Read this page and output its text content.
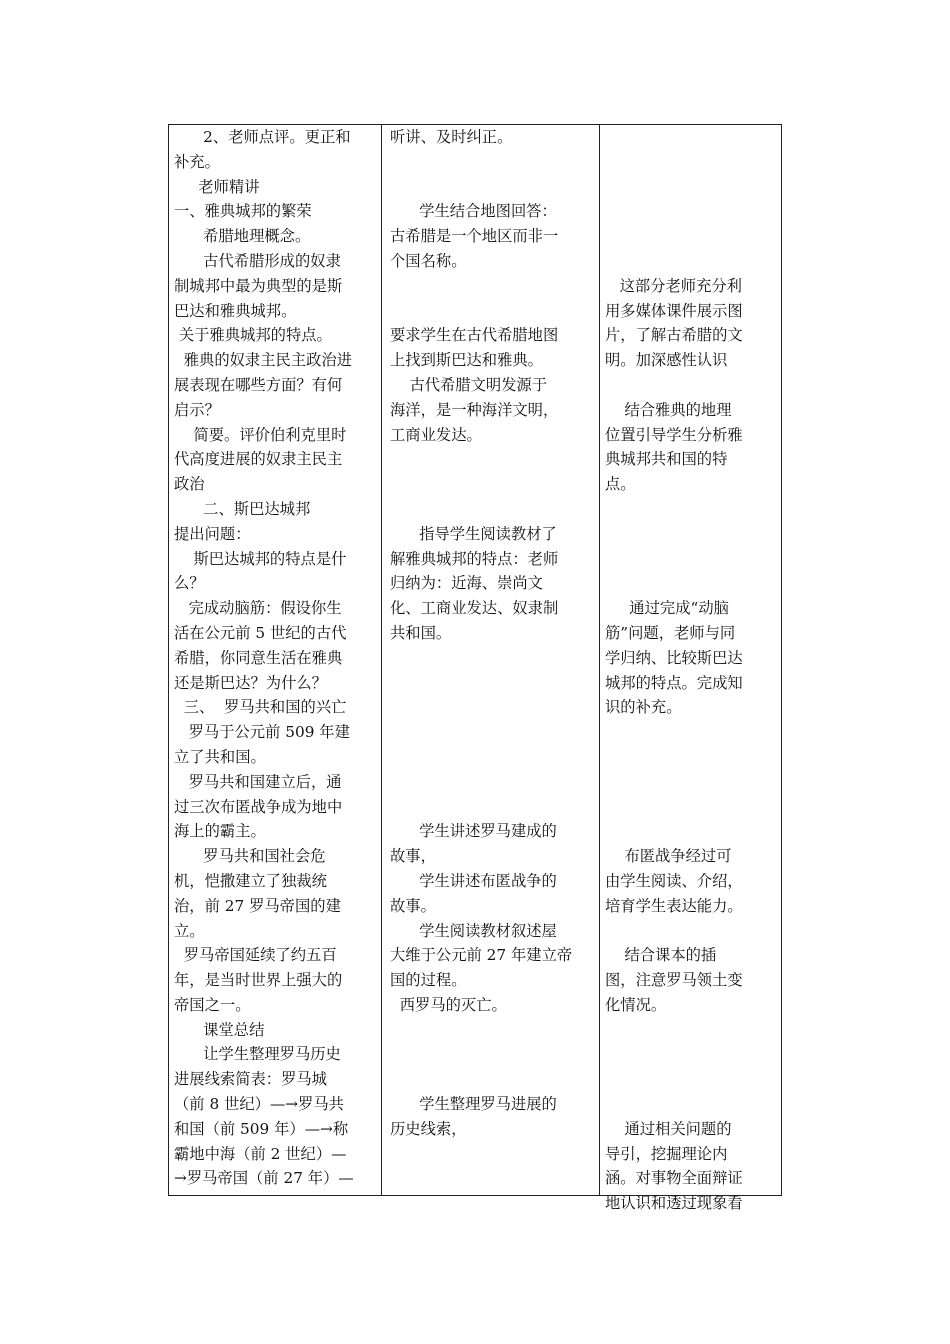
2、老师点评。更正和
补充。
老师精讲
一、雅典城邦的繁荣
希腊地理概念。
古代希腊形成的奴隶
制城邦中最为典型的是斯
巴达和雅典城邦。
关于雅典城邦的特点。
雅典的奴隶主民主政治进
展表现在哪些方面？有何
启示？
简要。评价伯利克里时
代高度进展的奴隶主民主
政治
二、斯巴达城邦
提出问题：
斯巴达城邦的特点是什
么？
完成动脑筋：假设你生
活在公元前 5 世纪的古代
希腊，你同意生活在雅典
还是斯巴达？为什么？
三、  罗马共和国的兴亡
罗马于公元前 509 年建
立了共和国。
罗马共和国建立后，通
过三次布匿战争成为地中
海上的霸主。
罗马共和国社会危
机，恺撒建立了独裁统
治，前 27 罗马帝国的建
立。
罗马帝国延续了约五百
年，是当时世界上强大的
帝国之一。
课堂总结
让学生整理罗马历史
进展线索简表：罗马城
（前 8 世纪）—→罗马共
和国（前 509 年）—→称
霸地中海（前 2 世纪）—
→罗马帝国（前 27 年）—
听讲、及时纠正。
学生结合地图回答：
古希腊是一个地区而非一
个国名称。
要求学生在古代希腊地图
上找到斯巴达和雅典。
古代希腊文明发源于
海洋，是一种海洋文明，
工商业发达。
指导学生阅读教材了
解雅典城邦的特点：老师
归纳为：近海、崇尚文
化、工商业发达、奴隶制
共和国。
学生讲述罗马建成的
故事，
学生讲述布匿战争的
故事。
学生阅读教材叙述屋
大维于公元前 27 年建立帝
国的过程。
西罗马的灭亡。
学生整理罗马进展的
历史线索，
这部分老师充分利
用多媒体课件展示图
片，了解古希腊的文
明。加深感性认识
结合雅典的地理
位置引导学生分析雅
典城邦共和国的特
点。
通过完成“动脑
筋”问题，老师与同
学归纳、比较斯巴达
城邦的特点。完成知
识的补充。
布匿战争经过可
由学生阅读、介绍，
培育学生表达能力。
结合课本的插
图，注意罗马领土变
化情况。
通过相关问题的
导引，挖掘理论内
涵。对事物全面辩证
地认识和透过现象看
